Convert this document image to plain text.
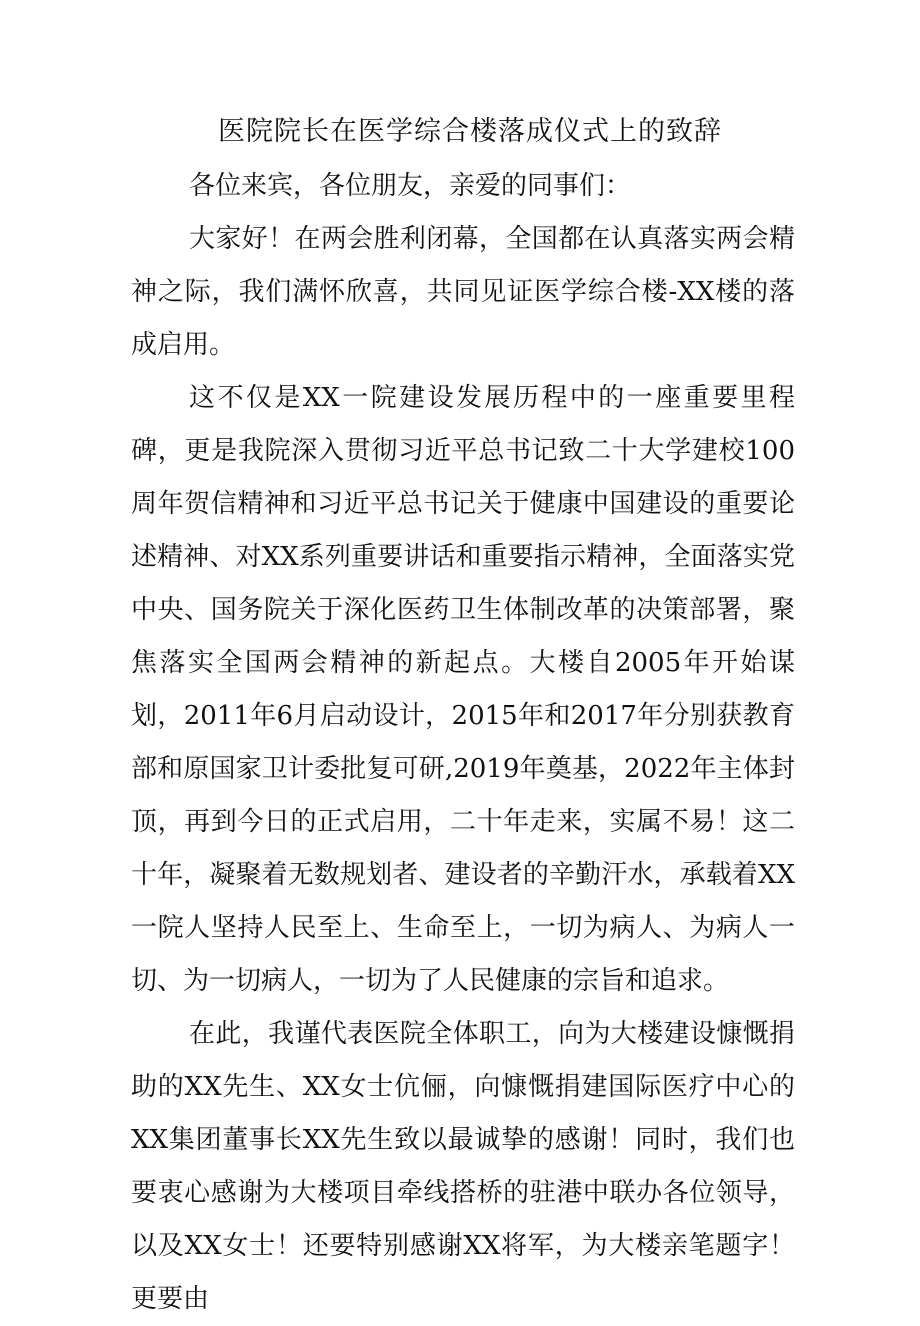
医院院长在医学综合楼落成仪式上的致辞

各位来宾，各位朋友，亲爱的同事们：

大家好！在两会胜利闭幕，全国都在认真落实两会精神之际，我们满怀欣喜，共同见证医学综合楼-XX楼的落成启用。

这不仅是XX一院建设发展历程中的一座重要里程碑，更是我院深入贯彻习近平总书记致二十大学建校100周年贺信精神和习近平总书记关于健康中国建设的重要论述精神、对XX系列重要讲话和重要指示精神，全面落实党中央、国务院关于深化医药卫生体制改革的决策部署，聚焦落实全国两会精神的新起点。大楼自2005年开始谋划，2011年6月启动设计，2015年和2017年分别获教育部和原国家卫计委批复可研,2019年奠基，2022年主体封顶，再到今日的正式启用，二十年走来，实属不易！这二十年，凝聚着无数规划者、建设者的辛勤汗水，承载着XX一院人坚持人民至上、生命至上，一切为病人、为病人一切、为一切病人，一切为了人民健康的宗旨和追求。

在此，我谨代表医院全体职工，向为大楼建设慷慨捐助的XX先生、XX女士伉俪，向慷慨捐建国际医疗中心的XX集团董事长XX先生致以最诚挚的感谢！同时，我们也要衷心感谢为大楼项目牵线搭桥的驻港中联办各位领导，以及XX女士！还要特别感谢XX将军，为大楼亲笔题字！更要由
